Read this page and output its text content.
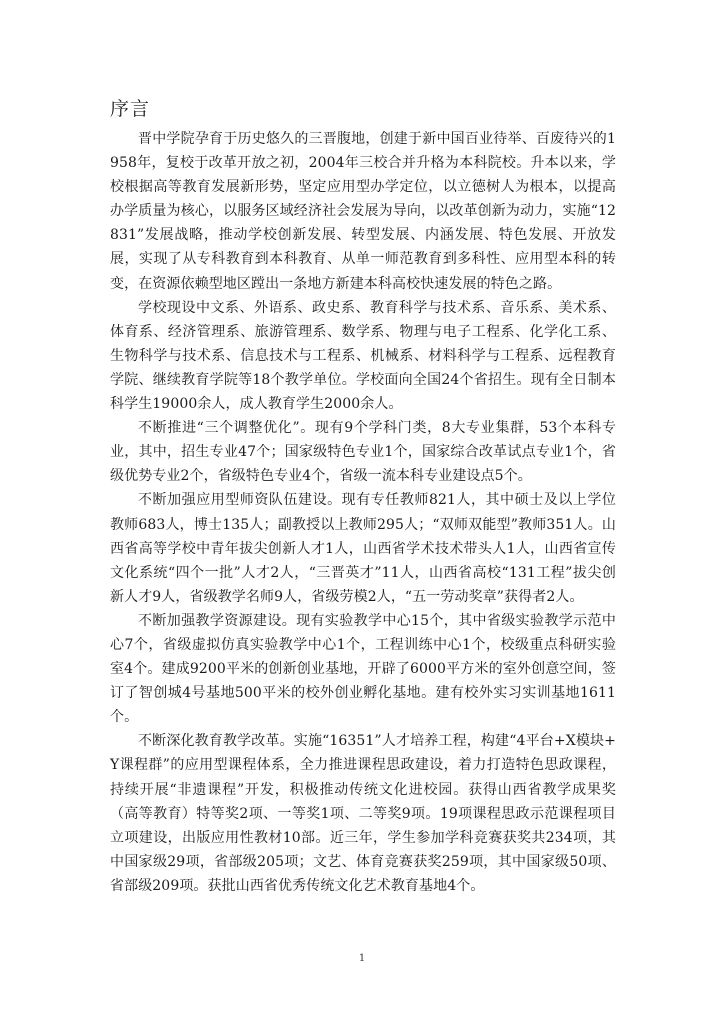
序言

晋中学院孕育于历史悠久的三晋腹地，创建于新中国百业待举、百废待兴的1958年，复校于改革开放之初，2004年三校合并升格为本科院校。升本以来，学校根据高等教育发展新形势，坚定应用型办学定位，以立德树人为根本，以提高办学质量为核心，以服务区域经济社会发展为导向，以改革创新为动力，实施“12831”发展战略，推动学校创新发展、转型发展、内涵发展、特色发展、开放发展，实现了从专科教育到本科教育、从单一师范教育到多科性、应用型本科的转变，在资源依赖型地区蹚出一条地方新建本科高校快速发展的特色之路。

学校现设中文系、外语系、政史系、教育科学与技术系、音乐系、美术系、体育系、经济管理系、旅游管理系、数学系、物理与电子工程系、化学化工系、生物科学与技术系、信息技术与工程系、机械系、材料科学与工程系、远程教育学院、继续教育学院等18个教学单位。学校面向全国24个省招生。现有全日制本科学生19000余人，成人教育学生2000余人。

不断推进“三个调整优化”。现有9个学科门类，8大专业集群，53个本科专业，其中，招生专业47个；国家级特色专业1个，国家综合改革试点专业1个，省级优势专业2个，省级特色专业4个，省级一流本科专业建设点5个。

不断加强应用型师资队伍建设。现有专任教师821人，其中硕士及以上学位教师683人，博士135人；副教授以上教师295人；“双师双能型”教师351人。山西省高等学校中青年拔尖创新人才1人，山西省学术技术带头人1人，山西省宣传文化系统“四个一批”人才2人，“三晋英才”11人，山西省高校“131工程”拔尖创新人才9人，省级教学名师9人，省级劳模2人，“五一劳动奖章”获得者2人。

不断加强教学资源建设。现有实验教学中心15个，其中省级实验教学示范中心7个，省级虚拟仿真实验教学中心1个，工程训练中心1个，校级重点科研实验室4个。建成9200平米的创新创业基地，开辟了6000平方米的室外创意空间，签订了智创城4号基地500平米的校外创业孵化基地。建有校外实习实训基地1611个。

不断深化教育教学改革。实施“16351”人才培养工程，构建“4平台+X模块+Y课程群”的应用型课程体系，全力推进课程思政建设，着力打造特色思政课程，持续开展“非遗课程”开发，积极推动传统文化进校园。获得山西省教学成果奖（高等教育）特等奖2项、一等奖1项、二等奖9项。19项课程思政示范课程项目立项建设，出版应用性教材10部。近三年，学生参加学科竞赛获奖共234项，其中国家级29项，省部级205项；文艺、体育竞赛获奖259项，其中国家级50项、省部级209项。获批山西省优秀传统文化艺术教育基地4个。

1
